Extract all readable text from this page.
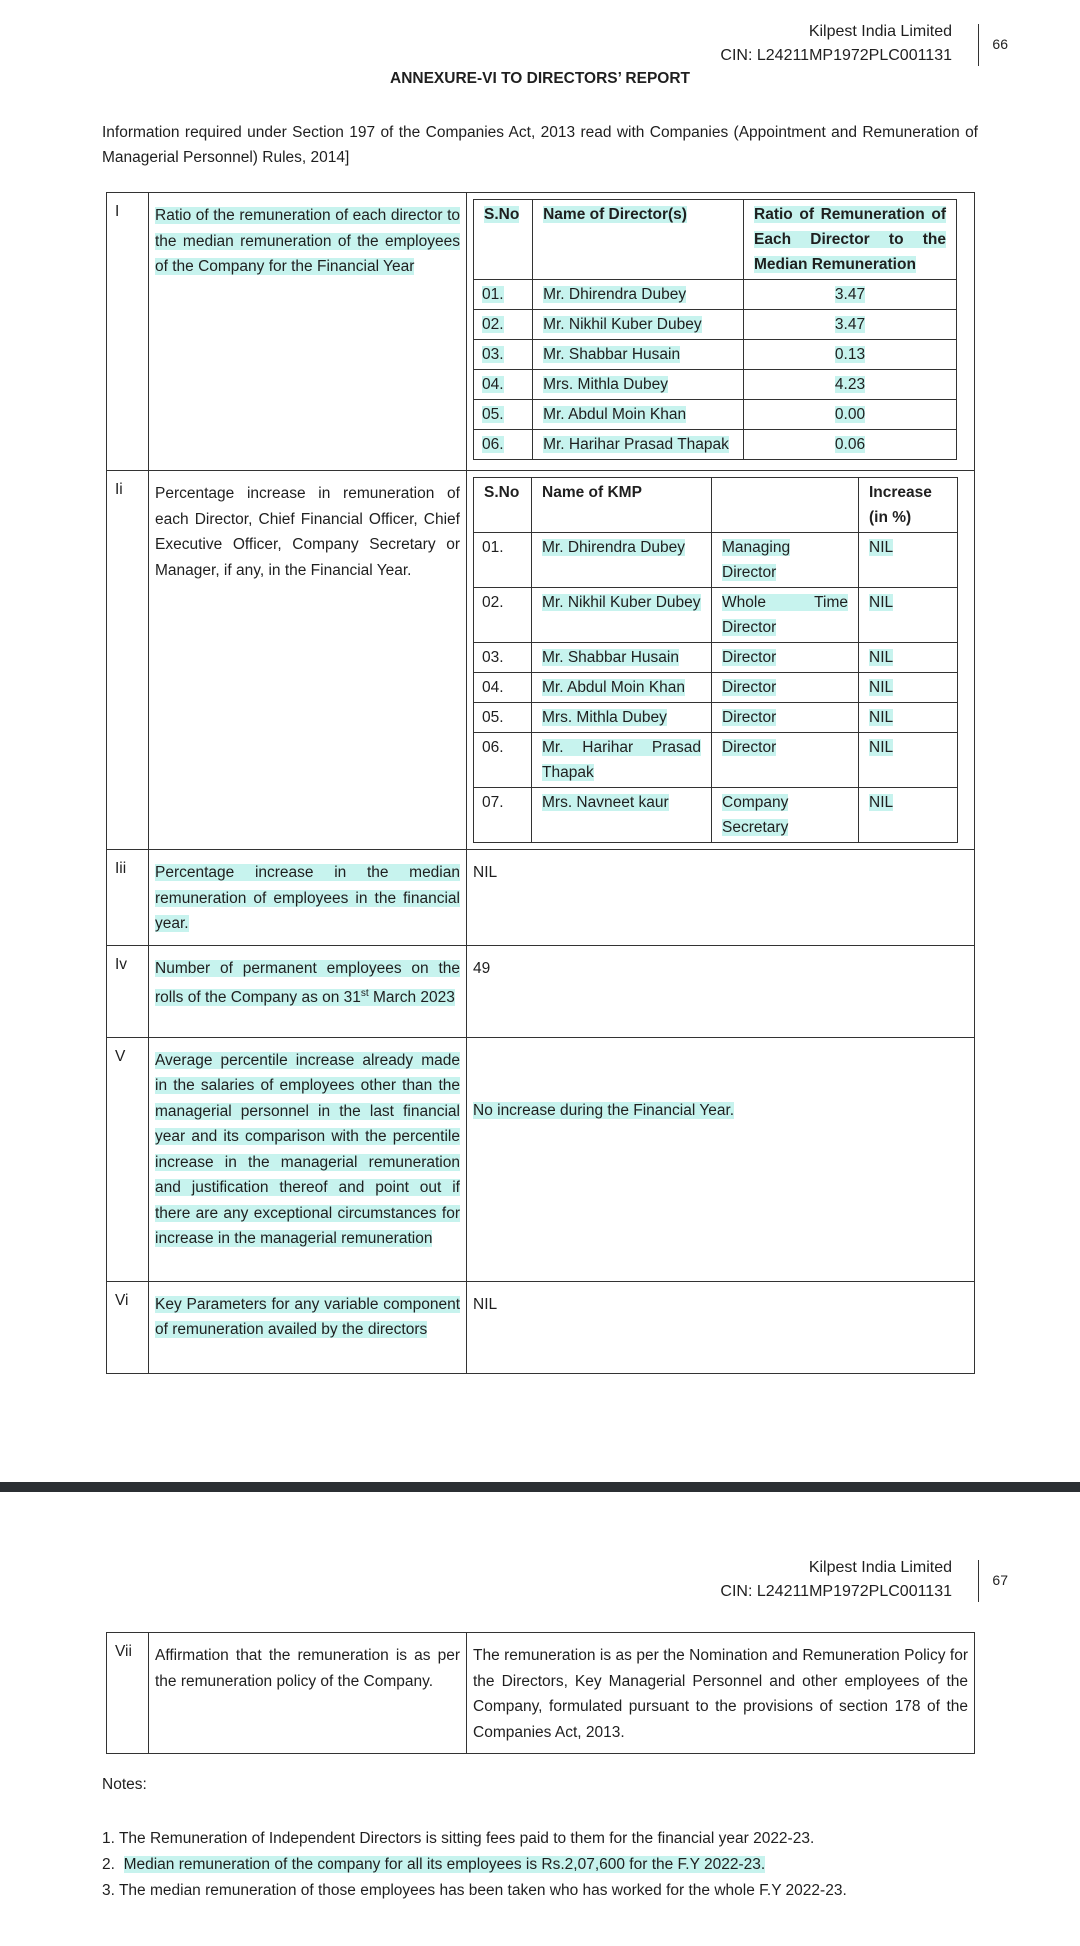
Kilpest India Limited
CIN: L24211MP1972PLC001131
66
ANNEXURE-VI TO DIRECTORS’ REPORT
Information required under Section 197 of the Companies Act, 2013 read with Companies (Appointment and Remuneration of Managerial Personnel) Rules, 2014]
I	Ratio of the remuneration of each director to the median remuneration of the employees of the Company for the Financial Year	
S.No	Name of Director(s)	Ratio of Remuneration of Each Director to the Median Remuneration
01.	Mr. Dhirendra Dubey	3.47
02.	Mr. Nikhil Kuber Dubey	3.47
03.	Mr. Shabbar Husain	0.13
04.	Mrs. Mithla Dubey	4.23
05.	Mr. Abdul Moin Khan	0.00
06.	Mr. Harihar Prasad Thapak	0.06

Ii	Percentage increase in remuneration of each Director, Chief Financial Officer, Chief Executive Officer, Company Secretary or Manager, if any, in the Financial Year.	
S.No	Name of KMP		Increase (in %)
01.	Mr. Dhirendra Dubey	Managing Director	NIL
02.	Mr. Nikhil Kuber Dubey	Whole Time Director	NIL
03.	Mr. Shabbar Husain	Director	NIL
04.	Mr. Abdul Moin Khan	Director	NIL
05.	Mrs. Mithla Dubey	Director	NIL
06.	Mr. Harihar Prasad Thapak	Director	NIL
07.	Mrs. Navneet kaur	Company Secretary	NIL

Iii	Percentage increase in the median remuneration of employees in the financial year.	NIL
Iv	Number of permanent employees on the rolls of the Company as on 31st March 2023	49
V	Average percentile increase already made in the salaries of employees other than the managerial personnel in the last financial year and its comparison with the percentile increase in the managerial remuneration and justification thereof and point out if there are any exceptional circumstances for increase in the managerial remuneration	No increase during the Financial Year.
Vi	Key Parameters for any variable component of remuneration availed by the directors	NIL
Kilpest India Limited
CIN: L24211MP1972PLC001131
67
Vii	Affirmation that the remuneration is as per the remuneration policy of the Company.	The remuneration is as per the Nomination and Remuneration Policy for the Directors, Key Managerial Personnel and other employees of the Company, formulated pursuant to the provisions of section 178 of the Companies Act, 2013.
Notes:
1. The Remuneration of Independent Directors is sitting fees paid to them for the financial year 2022-23.
2. Median remuneration of the company for all its employees is Rs.2,07,600 for the F.Y 2022-23.
3. The median remuneration of those employees has been taken who has worked for the whole F.Y 2022-23.
